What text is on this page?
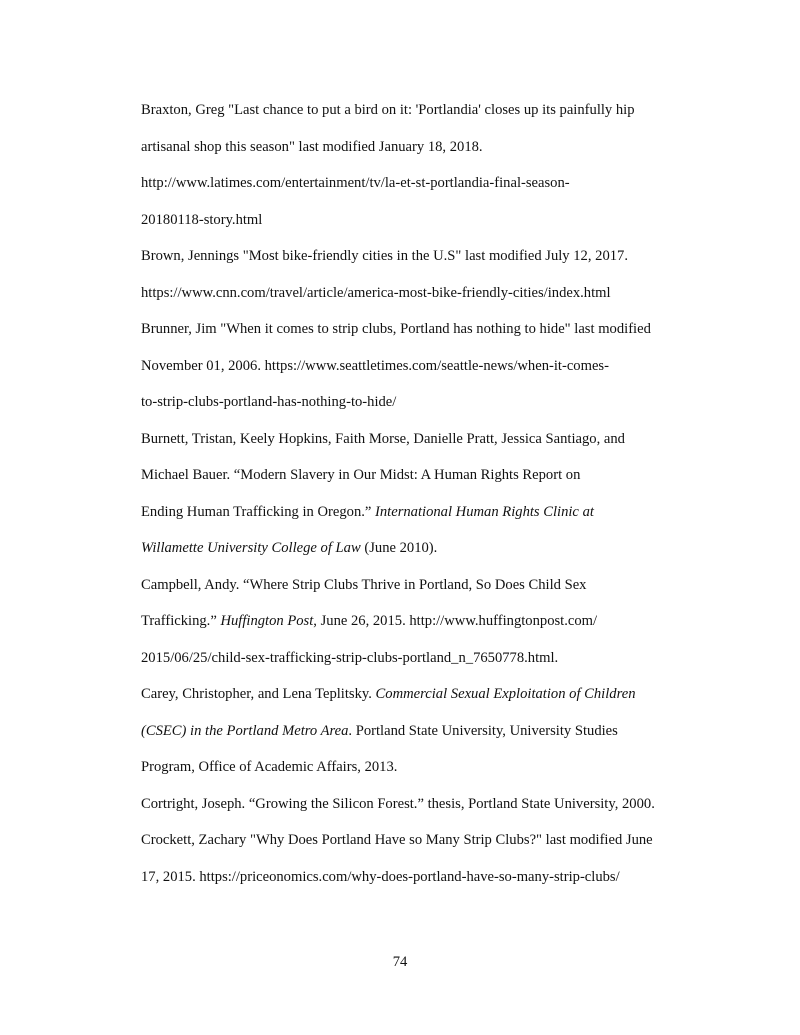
Braxton, Greg "Last chance to put a bird on it: 'Portlandia' closes up its painfully hip
artisanal shop this season" last modified January 18, 2018.
http://www.latimes.com/entertainment/tv/la-et-st-portlandia-final-season-
20180118-story.html

Brown, Jennings "Most bike-friendly cities in the U.S" last modified July 12, 2017.
https://www.cnn.com/travel/article/america-most-bike-friendly-cities/index.html

Brunner, Jim "When it comes to strip clubs, Portland has nothing to hide" last modified
November 01, 2006. https://www.seattletimes.com/seattle-news/when-it-comes-
to-strip-clubs-portland-has-nothing-to-hide/

Burnett, Tristan, Keely Hopkins, Faith Morse, Danielle Pratt, Jessica Santiago, and
Michael Bauer. “Modern Slavery in Our Midst: A Human Rights Report on
Ending Human Trafficking in Oregon.” International Human Rights Clinic at
Willamette University College of Law (June 2010).

Campbell, Andy. “Where Strip Clubs Thrive in Portland, So Does Child Sex
Trafficking.” Huffington Post, June 26, 2015. http://www.huffingtonpost.com/
2015/06/25/child-sex-trafficking-strip-clubs-portland_n_7650778.html.

Carey, Christopher, and Lena Teplitsky. Commercial Sexual Exploitation of Children
(CSEC) in the Portland Metro Area. Portland State University, University Studies
Program, Office of Academic Affairs, 2013.

Cortright, Joseph. “Growing the Silicon Forest.” thesis, Portland State University, 2000.

Crockett, Zachary "Why Does Portland Have so Many Strip Clubs?" last modified June
17, 2015. https://priceonomics.com/why-does-portland-have-so-many-strip-clubs/

74
